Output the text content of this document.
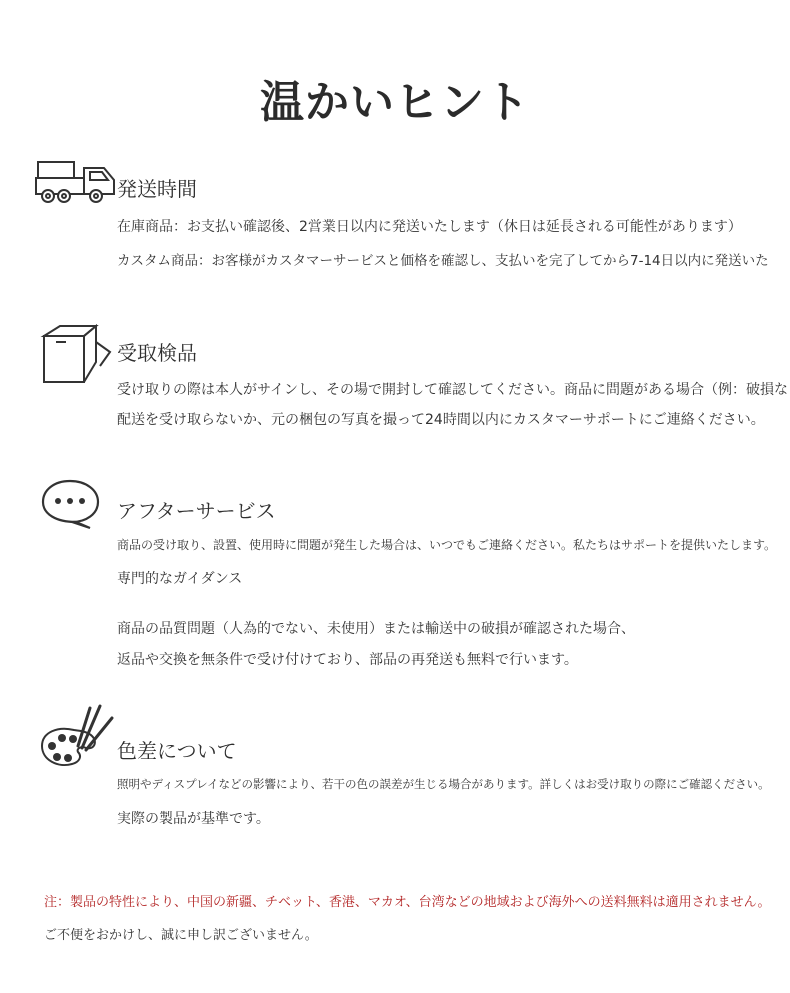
温かいヒント
発送時間
在庫商品：お支払い確認後、2営業日以内に発送いたします（休日は延長される可能性があります）
カスタム商品：お客様がカスタマーサービスと価格を確認し、支払いを完了してから7-14日以内に発送いた
受取検品
受け取りの際は本人がサインし、その場で開封して確認してください。商品に問題がある場合（例：破損な
配送を受け取らないか、元の梱包の写真を撮って24時間以内にカスタマーサポートにご連絡ください。
アフターサービス
商品の受け取り、設置、使用時に問題が発生した場合は、いつでもご連絡ください。私たちはサポートを提供いたします。
専門的なガイダンス
商品の品質問題（人為的でない、未使用）または輸送中の破損が確認された場合、
返品や交換を無条件で受け付けており、部品の再発送も無料で行います。
色差について
照明やディスプレイなどの影響により、若干の色の誤差が生じる場合があります。詳しくはお受け取りの際にご確認ください。
実際の製品が基準です。
注：製品の特性により、中国の新疆、チベット、香港、マカオ、台湾などの地域および海外への送料無料は適用されません。
ご不便をおかけし、誠に申し訳ございません。
